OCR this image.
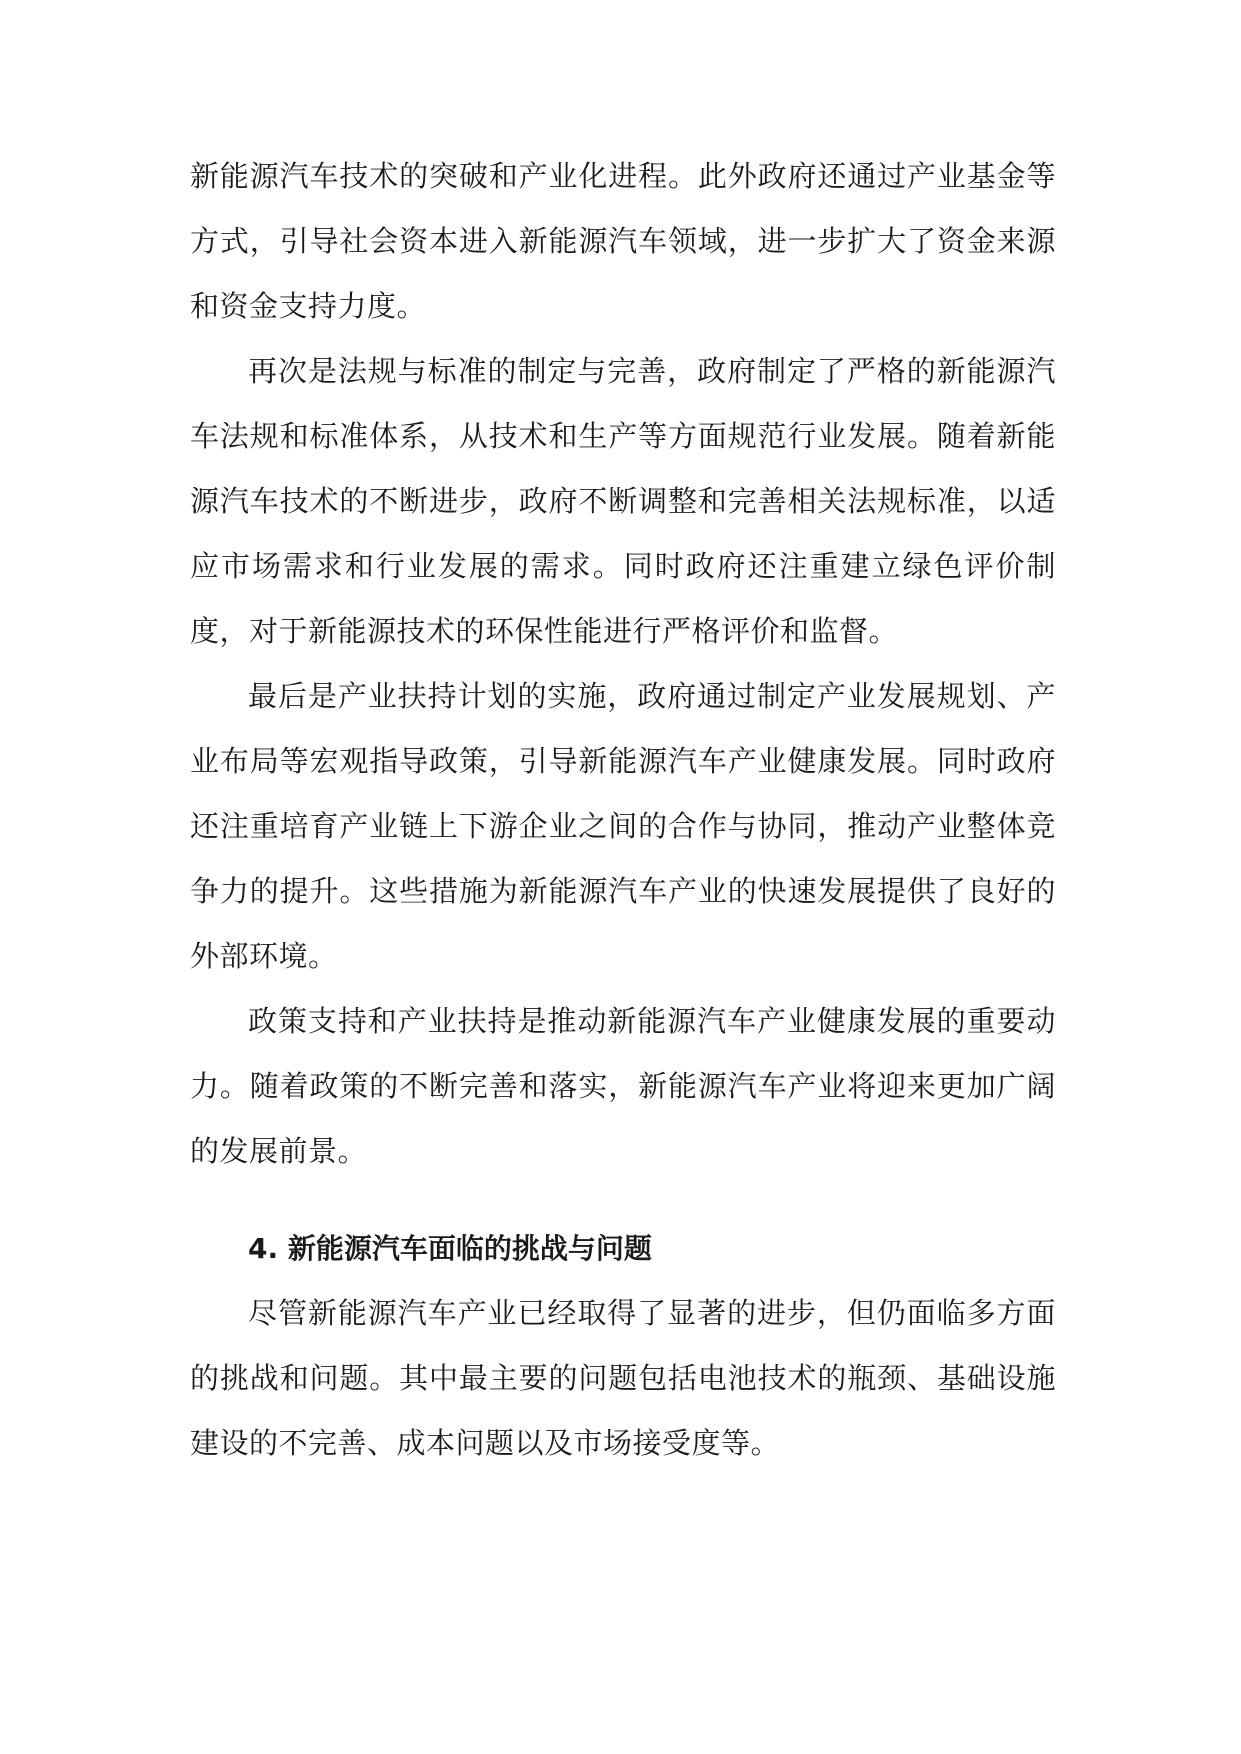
新能源汽车技术的突破和产业化进程。此外政府还通过产业基金等方式，引导社会资本进入新能源汽车领域，进一步扩大了资金来源和资金支持力度。

再次是法规与标准的制定与完善，政府制定了严格的新能源汽车法规和标准体系，从技术和生产等方面规范行业发展。随着新能源汽车技术的不断进步，政府不断调整和完善相关法规标准，以适应市场需求和行业发展的需求。同时政府还注重建立绿色评价制度，对于新能源技术的环保性能进行严格评价和监督。

最后是产业扶持计划的实施，政府通过制定产业发展规划、产业布局等宏观指导政策，引导新能源汽车产业健康发展。同时政府还注重培育产业链上下游企业之间的合作与协同，推动产业整体竞争力的提升。这些措施为新能源汽车产业的快速发展提供了良好的外部环境。

政策支持和产业扶持是推动新能源汽车产业健康发展的重要动力。随着政策的不断完善和落实，新能源汽车产业将迎来更加广阔的发展前景。

4. 新能源汽车面临的挑战与问题

尽管新能源汽车产业已经取得了显著的进步，但仍面临多方面的挑战和问题。其中最主要的问题包括电池技术的瓶颈、基础设施建设的不完善、成本问题以及市场接受度等。
